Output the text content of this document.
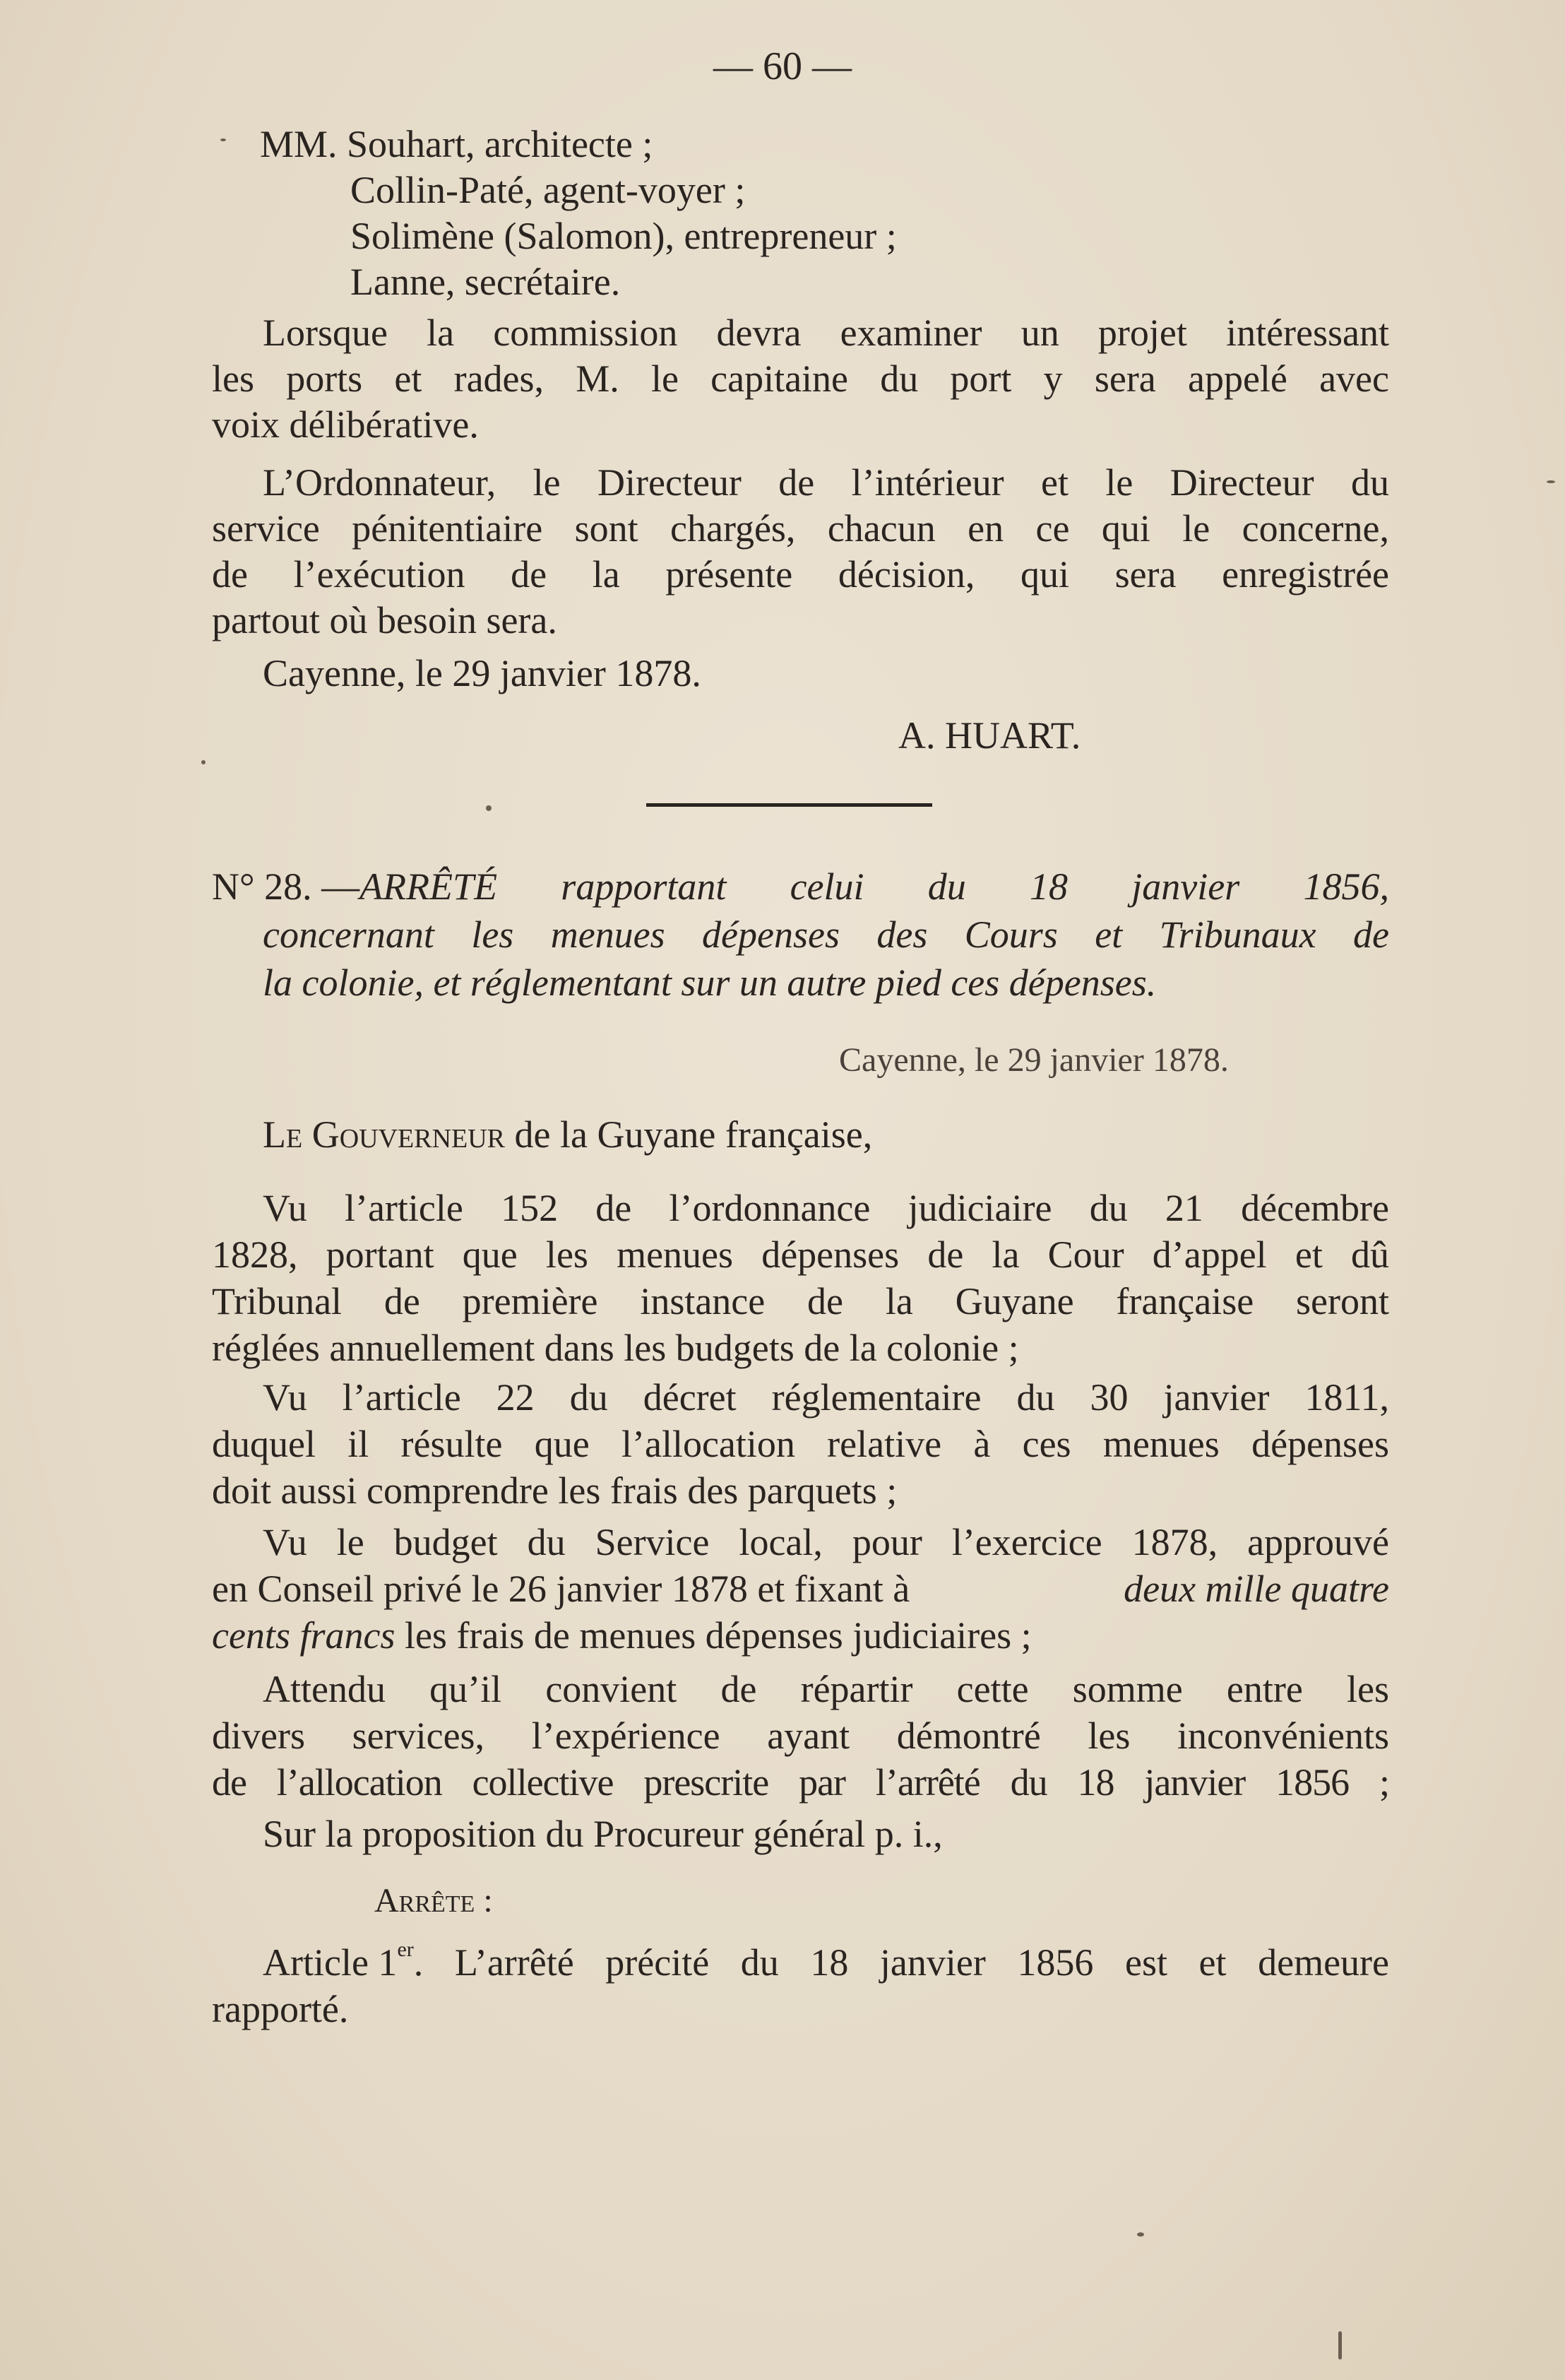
— 60 —
MM. Souhart, architecte ;
Collin-Paté, agent-voyer ;
Solimène (Salomon), entrepreneur ;
Lanne, secrétaire.
Lorsque la commission devra examiner un projet intéressant
les ports et rades, M. le capitaine du port y sera appelé avec
voix délibérative.
L’Ordonnateur, le Directeur de l’intérieur et le Directeur du
service pénitentiaire sont chargés, chacun en ce qui le concerne,
de l’exécution de la présente décision, qui sera enregistrée
partout où besoin sera.
Cayenne, le 29 janvier 1878.
A. HUART.
N° 28. — ARRÊTÉ rapportant celui du 18 janvier 1856,
concernant les menues dépenses des Cours et Tribunaux de
la colonie, et réglementant sur un autre pied ces dépenses.
Cayenne, le 29 janvier 1878.
Le Gouverneur de la Guyane française,
Vu l’article 152 de l’ordonnance judiciaire du 21 décembre
1828, portant que les menues dépenses de la Cour d’appel et dû
Tribunal de première instance de la Guyane française seront
réglées annuellement dans les budgets de la colonie ;
Vu l’article 22 du décret réglementaire du 30 janvier 1811,
duquel il résulte que l’allocation relative à ces menues dépenses
doit aussi comprendre les frais des parquets ;
Vu le budget du Service local, pour l’exercice 1878, approuvé
en Conseil privé le 26 janvier 1878 et fixant à	deux mille quatre
cents francs les frais de menues dépenses judiciaires ;
Attendu qu’il convient de répartir cette somme entre les
divers services, l’expérience ayant démontré les inconvénients
de l’allocation collective prescrite par l’arrêté du 18 janvier 1856 ;
Sur la proposition du Procureur général p. i.,
Arrête :
Article 1 er . L’arrêté précité du 18 janvier 1856 est et demeure
rapporté.
